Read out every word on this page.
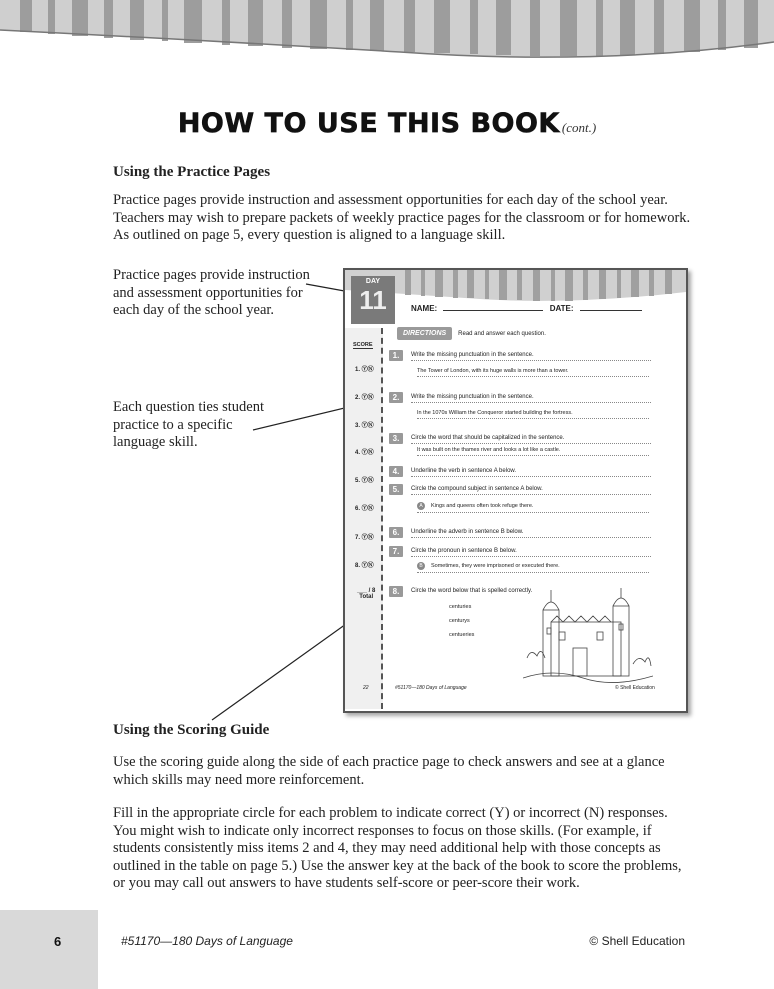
HOW TO USE THIS BOOK (cont.)
Using the Practice Pages
Practice pages provide instruction and assessment opportunities for each day of the school year. Teachers may wish to prepare packets of weekly practice pages for the classroom or for homework. As outlined on page 5, every question is aligned to a language skill.
Practice pages provide instruction and assessment opportunities for each day of the school year.
Each question ties student practice to a specific language skill.
DAY
11	NAME:	DATE:
DIRECTIONS Read and answer each question.
SCORE
1. ⓎⓃ
2. ⓎⓃ
3. ⓎⓃ
4. ⓎⓃ
5. ⓎⓃ
6. ⓎⓃ
7. ⓎⓃ
8. ⓎⓃ
___ / 8
Total
1.	Write the missing punctuation in the sentence.
The Tower of London, with its huge walls is more than a tower.
2.	Write the missing punctuation in the sentence.
In the 1070s William the Conqueror started building the fortress.
3.	Circle the word that should be capitalized in the sentence.
It was built on the thames river and looks a lot like a castle.
4.	Underline the verb in sentence A below.
5.	Circle the compound subject in sentence A below.
A Kings and queens often took refuge there.
6.	Underline the adverb in sentence B below.
7.	Circle the pronoun in sentence B below.
B Sometimes, they were imprisoned or executed there.
8.	Circle the word below that is spelled correctly.
centuries
centurys
centueries
22	#51170—180 Days of Language	© Shell Education
Using the Scoring Guide
Use the scoring guide along the side of each practice page to check answers and see at a glance which skills may need more reinforcement.
Fill in the appropriate circle for each problem to indicate correct (Y) or incorrect (N) responses. You might wish to indicate only incorrect responses to focus on those skills. (For example, if students consistently miss items 2 and 4, they may need additional help with those concepts as outlined in the table on page 5.) Use the answer key at the back of the book to score the problems, or you may call out answers to have students self-score or peer-score their work.
6	#51170—180 Days of Language	© Shell Education
